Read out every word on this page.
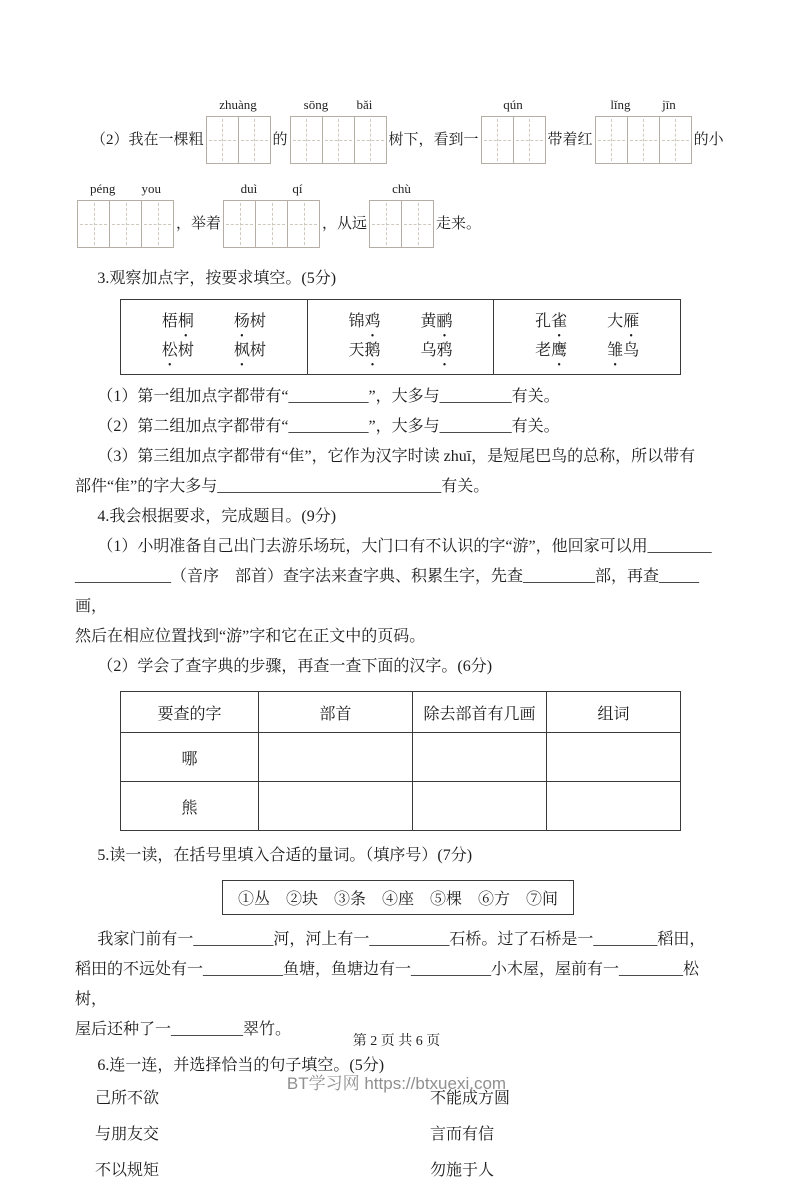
（2）我在一棵粗
zhuàng
的
sōng bǎi
树下，看到一
qún
带着红
lǐng jīn
的小
péng you
，举着
duì	qí
，从远
chù
走来。
3.观察加点字，按要求填空。(5分)
梧桐	杨树
松树	枫树
锦鸡	黄鹂
天鹅	乌鸦
孔雀	大雁
老鹰	雏鸟
（1）第一组加点字都带有“__________”，大多与_________有关。
（2）第二组加点字都带有“__________”，大多与_________有关。
（3）第三组加点字都带有“隹”，它作为汉字时读 zhuī，是短尾巴鸟的总称，所以带有
部件“隹”的字大多与____________________________有关。
4.我会根据要求，完成题目。(9分)
（1）小明准备自己出门去游乐场玩，大门口有不认识的字“游”，他回家可以用________
____________（音序　部首）查字法来查字典、积累生字，先查_________部，再查_____画，
然后在相应位置找到“游”字和它在正文中的页码。
（2）学会了查字典的步骤，再查一查下面的汉字。(6分)
要查的字	部首	除去部首有几画	组词
哪			
熊			
5.读一读，在括号里填入合适的量词。（填序号）(7分)
①丛　②块　③条　④座　⑤棵　⑥方　⑦间
我家门前有一__________河，河上有一__________石桥。过了石桥是一________稻田，
稻田的不远处有一__________鱼塘，鱼塘边有一__________小木屋，屋前有一________松树，
屋后还种了一_________翠竹。
6.连一连，并选择恰当的句子填空。(5分)
己所不欲	不能成方圆
与朋友交	言而有信
不以规矩	勿施于人
第 2 页 共 6 页
BT学习网 https://btxuexi.com
